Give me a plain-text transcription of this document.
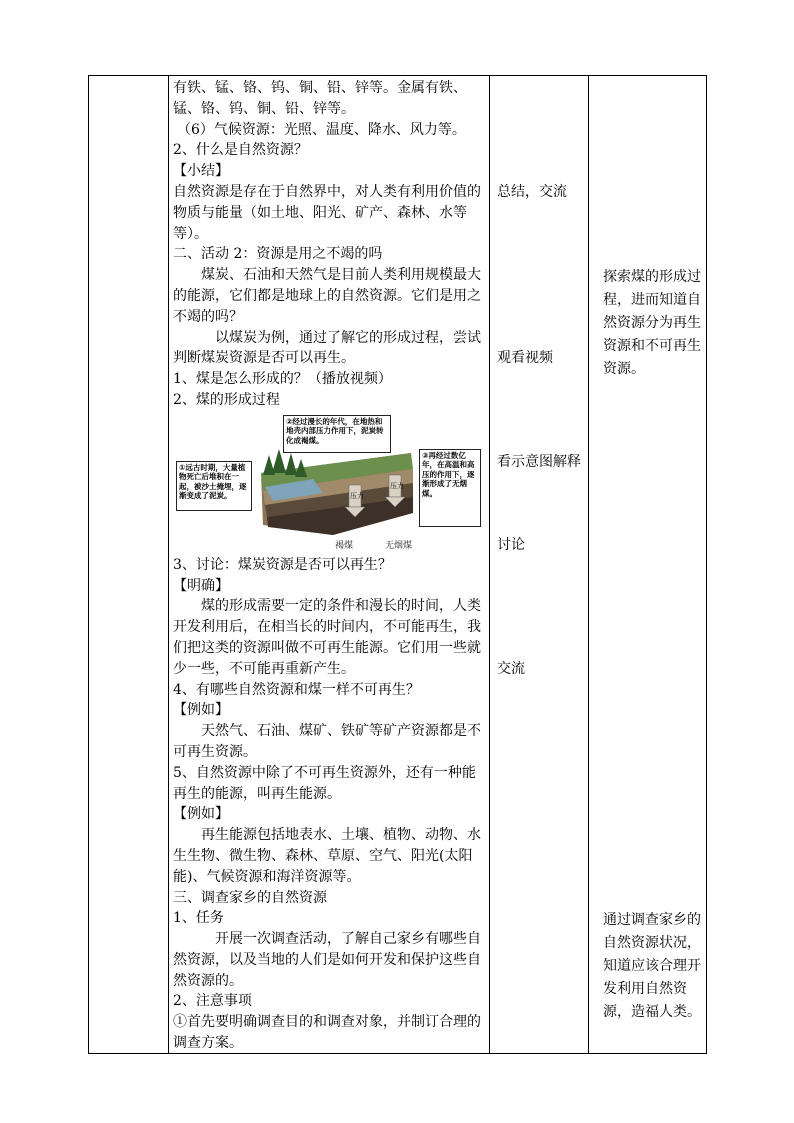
有铁、锰、铬、钨、铜、铅、锌等。金属有铁、锰、铬、钨、铜、铅、锌等。

（6）气候资源：光照、温度、降水、风力等。

2、什么是自然资源？

【小结】

自然资源是存在于自然界中，对人类有利用价值的物质与能量（如土地、阳光、矿产、森林、水等等）。

二、活动 2：资源是用之不竭的吗

煤炭、石油和天然气是目前人类利用规模最大的能源，它们都是地球上的自然资源。它们是用之不竭的吗？

以煤炭为例，通过了解它的形成过程，尝试判断煤炭资源是否可以再生。

1、煤是怎么形成的？（播放视频）

2、煤的形成过程

压力
压力
①远古时期，大量植物死亡后堆积在一起，被沙土掩埋，逐渐变成了泥炭。
②经过漫长的年代，在地热和地壳内部压力作用下，泥炭转化成褐煤。
③再经过数亿年，在高温和高压的作用下，逐渐形成了无烟煤。
褐煤	无烟煤

3、讨论：煤炭资源是否可以再生？

【明确】

煤的形成需要一定的条件和漫长的时间，人类开发利用后，在相当长的时间内，不可能再生，我们把这类的资源叫做不可再生能源。它们用一些就少一些，不可能再重新产生。

4、有哪些自然资源和煤一样不可再生？

【例如】

天然气、石油、煤矿、铁矿等矿产资源都是不可再生资源。

5、自然资源中除了不可再生资源外，还有一种能再生的能源，叫再生能源。

【例如】

再生能源包括地表水、土壤、植物、动物、水生生物、微生物、森林、草原、空气、阳光(太阳能)、气候资源和海洋资源等。

三、调查家乡的自然资源

1、任务

开展一次调查活动，了解自己家乡有哪些自然资源，以及当地的人们是如何开发和保护这些自然资源的。

2、注意事项

①首先要明确调查目的和调查对象，并制订合理的调查方案。

总结，交流
观看视频
看示意图解释
讨论
交流
探索煤的形成过程，进而知道自然资源分为再生资源和不可再生资源。
通过调查家乡的自然资源状况，知道应该合理开发利用自然资源，造福人类。
